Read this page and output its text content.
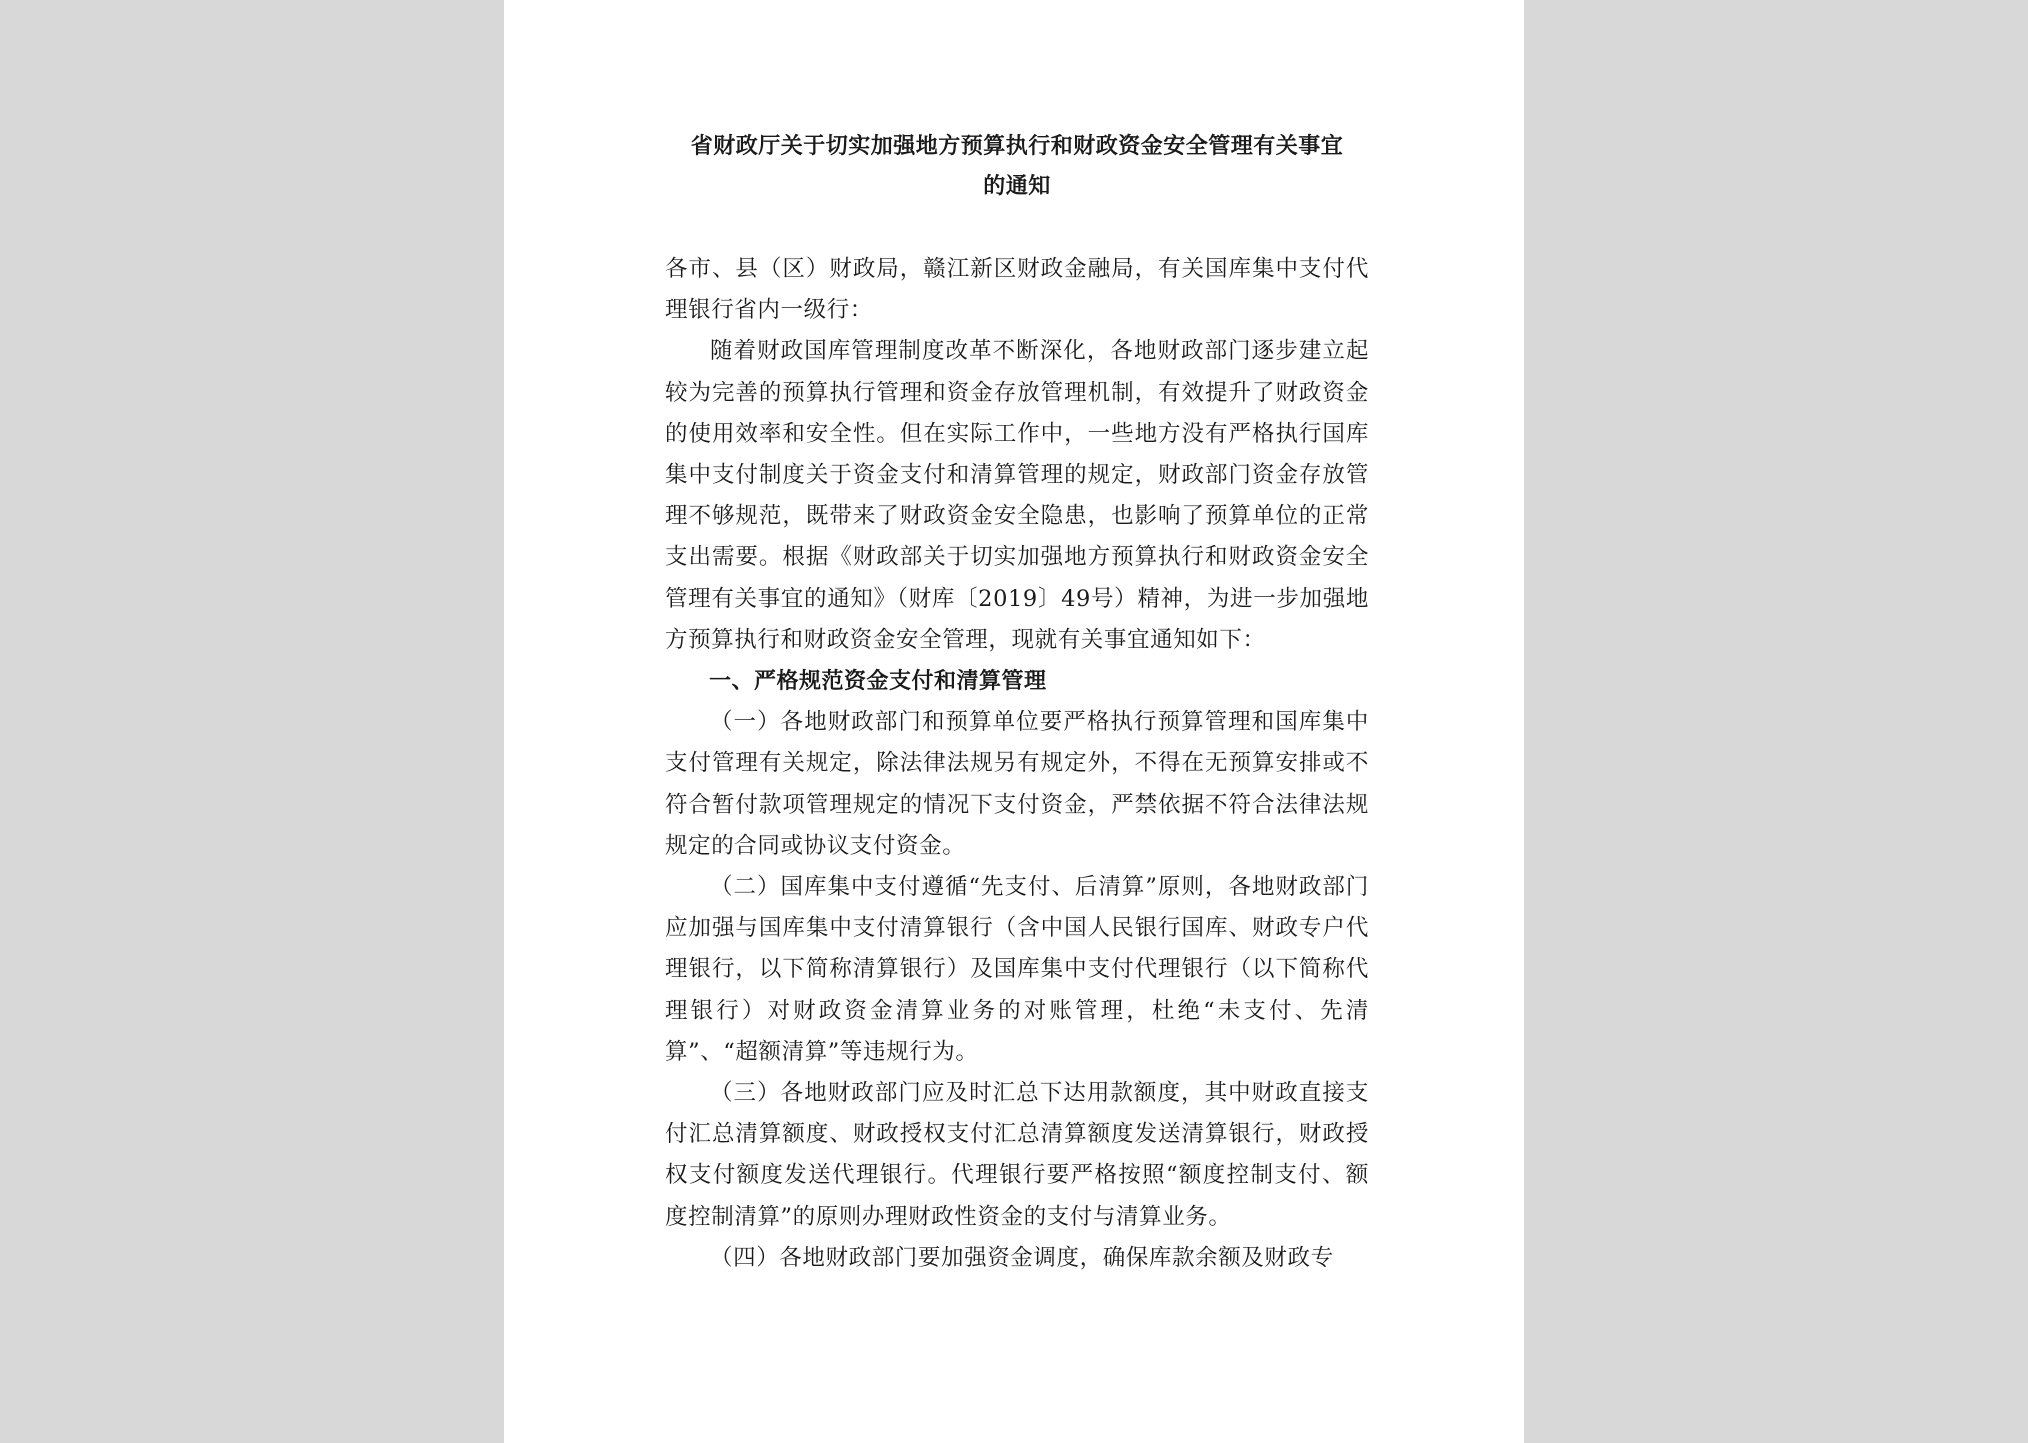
省财政厅关于切实加强地方预算执行和财政资金安全管理有关事宜
的通知

各市、县（区）财政局，赣江新区财政金融局，有关国库集中支付代理银行省内一级行：

随着财政国库管理制度改革不断深化，各地财政部门逐步建立起较为完善的预算执行管理和资金存放管理机制，有效提升了财政资金的使用效率和安全性。但在实际工作中，一些地方没有严格执行国库集中支付制度关于资金支付和清算管理的规定，财政部门资金存放管理不够规范，既带来了财政资金安全隐患，也影响了预算单位的正常支出需要。根据《财政部关于切实加强地方预算执行和财政资金安全管理有关事宜的通知》（财库〔2019〕49号）精神，为进一步加强地方预算执行和财政资金安全管理，现就有关事宜通知如下：

一、严格规范资金支付和清算管理

（一）各地财政部门和预算单位要严格执行预算管理和国库集中支付管理有关规定，除法律法规另有规定外，不得在无预算安排或不符合暂付款项管理规定的情况下支付资金，严禁依据不符合法律法规规定的合同或协议支付资金。

（二）国库集中支付遵循“先支付、后清算”原则，各地财政部门应加强与国库集中支付清算银行（含中国人民银行国库、财政专户代理银行，以下简称清算银行）及国库集中支付代理银行（以下简称代理银行）对财政资金清算业务的对账管理，杜绝“未支付、先清算”、“超额清算”等违规行为。

（三）各地财政部门应及时汇总下达用款额度，其中财政直接支付汇总清算额度、财政授权支付汇总清算额度发送清算银行，财政授权支付额度发送代理银行。代理银行要严格按照“额度控制支付、额度控制清算”的原则办理财政性资金的支付与清算业务。

（四）各地财政部门要加强资金调度，确保库款余额及财政专
